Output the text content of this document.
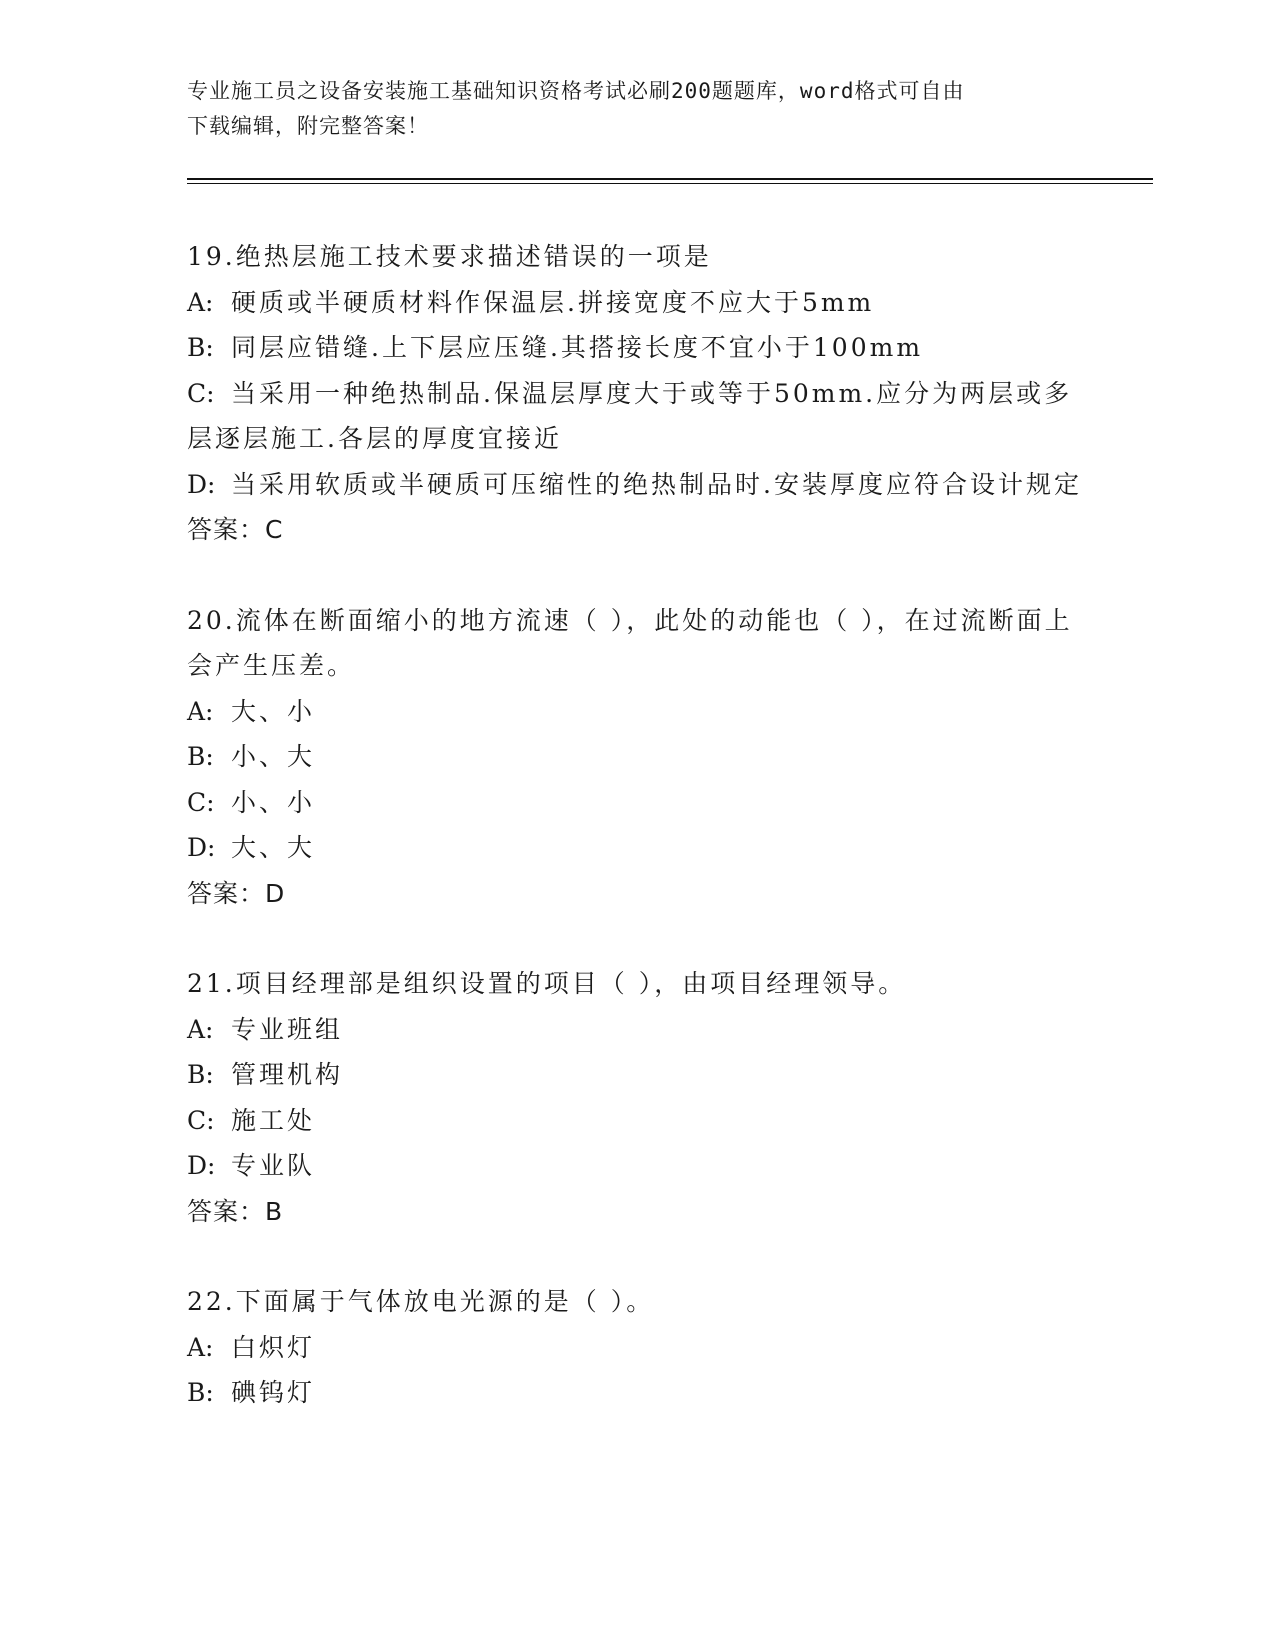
专业施工员之设备安装施工基础知识资格考试必刷200题题库，word格式可自由
下载编辑，附完整答案！

19.绝热层施工技术要求描述错误的一项是

A: 硬质或半硬质材料作保温层.拼接宽度不应大于5mm

B: 同层应错缝.上下层应压缝.其搭接长度不宜小于100mm

C: 当采用一种绝热制品.保温层厚度大于或等于50mm.应分为两层或多层逐层施工.各层的厚度宜接近

D: 当采用软质或半硬质可压缩性的绝热制品时.安装厚度应符合设计规定

答案：C

20.流体在断面缩小的地方流速（ ），此处的动能也（ ），在过流断面上会产生压差。

A: 大、小

B: 小、大

C: 小、小

D: 大、大

答案：D

21.项目经理部是组织设置的项目（ ），由项目经理领导。

A: 专业班组

B: 管理机构

C: 施工处

D: 专业队

答案：B

22.下面属于气体放电光源的是（ ）。

A: 白炽灯

B: 碘钨灯
